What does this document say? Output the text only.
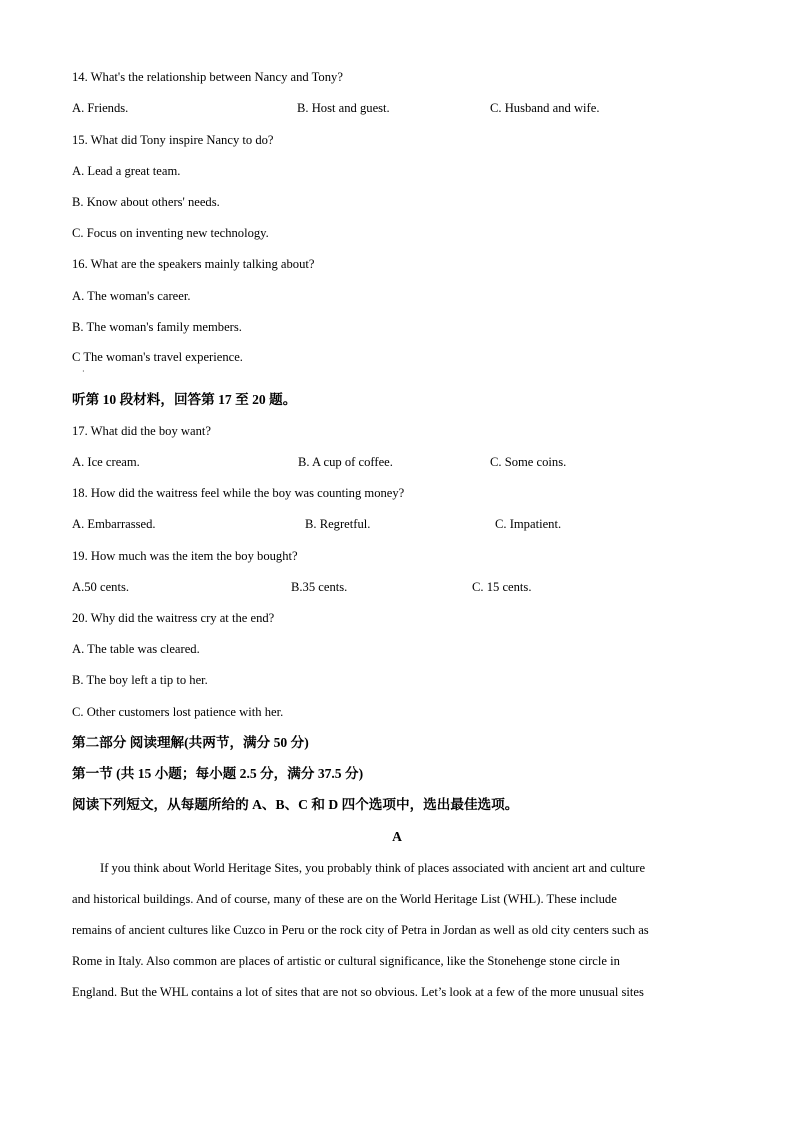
14. What's the relationship between Nancy and Tony?
A. Friends.	B. Host and guest.	C. Husband and wife.
15. What did Tony inspire Nancy to do?
A. Lead a great team.
B. Know about others' needs.
C. Focus on inventing new technology.
16. What are the speakers mainly talking about?
A. The woman's career.
B. The woman's family members.
C The woman's travel experience.
·
听第 10 段材料，回答第 17 至 20 题。
17. What did the boy want?
A. Ice cream.	B. A cup of coffee.	C. Some coins.
18. How did the waitress feel while the boy was counting money?
A. Embarrassed.	B. Regretful.	C. Impatient.
19. How much was the item the boy bought?
A.50 cents.	B.35 cents.	C. 15 cents.
20. Why did the waitress cry at the end?
A. The table was cleared.
B. The boy left a tip to her.
C. Other customers lost patience with her.
第二部分 阅读理解(共两节，满分 50 分)
第一节 (共 15 小题；每小题 2.5 分，满分 37.5 分)
阅读下列短文，从每题所给的 A、B、C 和 D 四个选项中，选出最佳选项。
A
If you think about World Heritage Sites, you probably think of places associated with ancient art and culture
and historical buildings. And of course, many of these are on the World Heritage List (WHL). These include
remains of ancient cultures like Cuzco in Peru or the rock city of Petra in Jordan as well as old city centers such as
Rome in Italy. Also common are places of artistic or cultural significance, like the Stonehenge stone circle in
England. But the WHL contains a lot of sites that are not so obvious. Let’s look at a few of the more unusual sites
